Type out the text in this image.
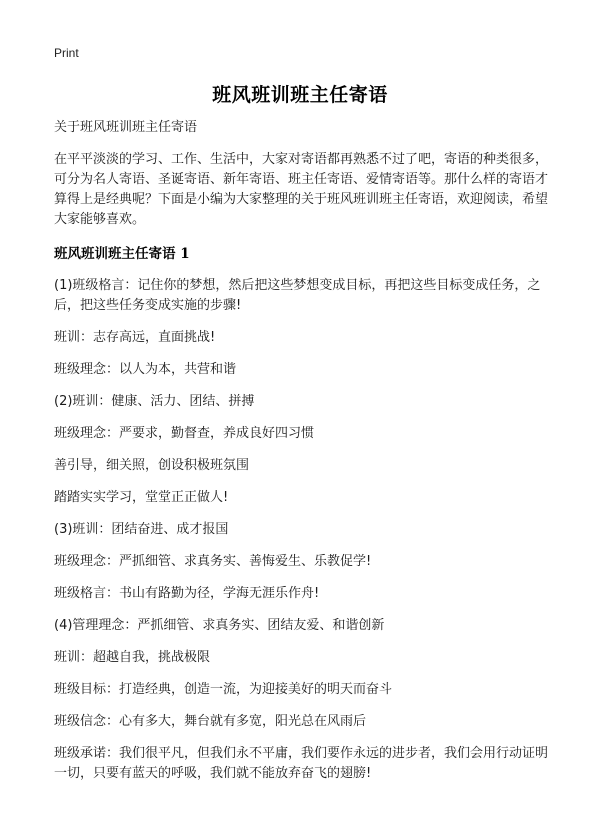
Print
班风班训班主任寄语

关于班风班训班主任寄语

在平平淡淡的学习、工作、生活中，大家对寄语都再熟悉不过了吧，寄语的种类很多，可分为名人寄语、圣诞寄语、新年寄语、班主任寄语、爱情寄语等。那什么样的寄语才算得上是经典呢？下面是小编为大家整理的关于班风班训班主任寄语，欢迎阅读，希望大家能够喜欢。

班风班训班主任寄语 1

(1)班级格言：记住你的梦想，然后把这些梦想变成目标，再把这些目标变成任务，之后，把这些任务变成实施的步骤!

班训：志存高远，直面挑战!

班级理念：以人为本，共营和谐

(2)班训：健康、活力、团结、拼搏

班级理念：严要求，勤督查，养成良好四习惯

善引导，细关照，创设积极班氛围

踏踏实实学习，堂堂正正做人!

(3)班训：团结奋进、成才报国

班级理念：严抓细管、求真务实、善悔爱生、乐教促学!

班级格言：书山有路勤为径，学海无涯乐作舟!

(4)管理理念：严抓细管、求真务实、团结友爱、和谐创新

班训：超越自我，挑战极限

班级目标：打造经典，创造一流，为迎接美好的明天而奋斗

班级信念：心有多大，舞台就有多宽，阳光总在风雨后

班级承诺：我们很平凡，但我们永不平庸，我们要作永远的进步者，我们会用行动证明一切，只要有蓝天的呼吸，我们就不能放弃奋飞的翅膀!
